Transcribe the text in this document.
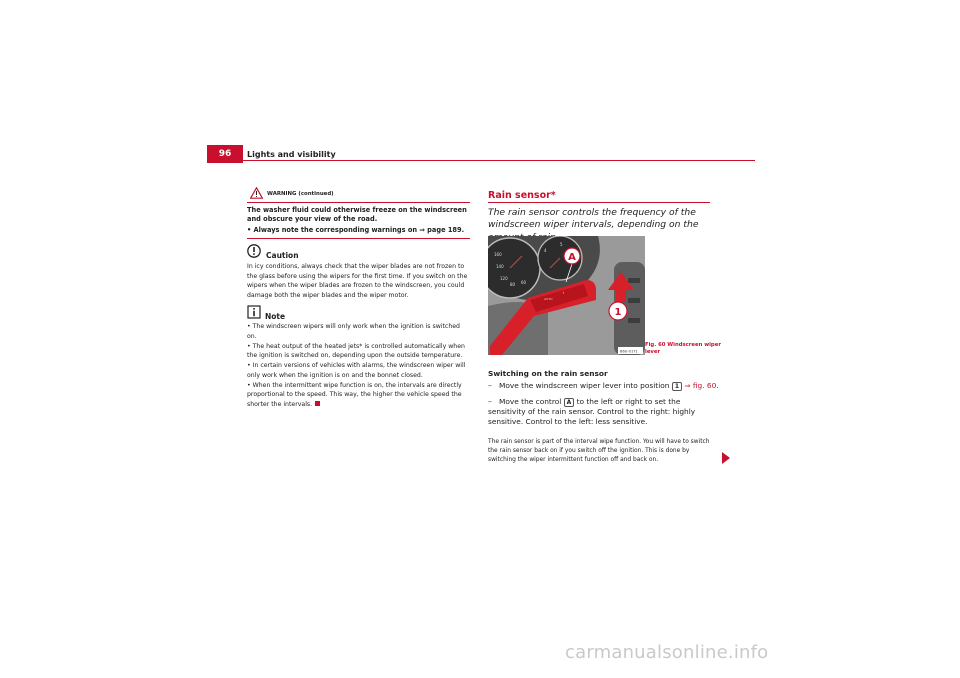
96	Lights and visibility
WARNING (continued)
The washer fluid could otherwise freeze on the windscreen and obscure your view of the road.
• Always note the corresponding warnings on ⇒ page 189.
Caution
In icy conditions, always check that the wiper blades are not frozen to the glass before using the wipers for the first time. If you switch on the wipers when the wiper blades are frozen to the windscreen, you could damage both the wiper blades and the wiper motor.
Note
• The windscreen wipers will only work when the ignition is switched on.
• The heat output of the heated jets* is controlled automatically when the ignition is switched on, depending upon the outside temperature.
• In certain versions of vehicles with alarms, the windscreen wiper will only work when the ignition is on and the bonnet closed.
• When the intermittent wipe function is on, the intervals are directly proportional to the speed. This way, the higher the vehicle speed the shorter the intervals.
Rain sensor*
The rain sensor controls the frequency of the windscreen wiper intervals, depending on the
160
140
120
80 60
4
5
AUTO
⇑
A
1
B6U-0171
Fig. 60 Windscreen wiper lever
Switching on the rain sensor
– Move the windscreen wiper lever into position 1 ⇒ fig. 60.
– Move the control A to the left or right to set the sensitivity of the rain sensor. Control to the right: highly sensitive. Control to the left: less sensitive.
The rain sensor is part of the interval wipe function. You will have to switch the rain sensor back on if you switch off the ignition. This is done by switching the wiper intermittent function off and back on.
carmanualsonline.info
